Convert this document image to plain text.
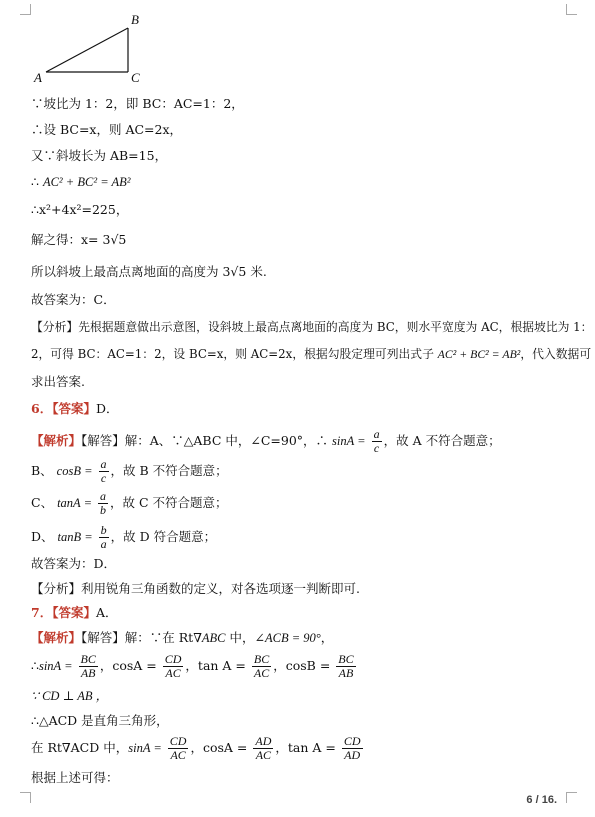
B
A	C
∵坡比为 1：2，即 BC：AC=1：2，
∴设 BC=x，则 AC=2x，
又∵斜坡长为 AB=15，
∴ AC² + BC² = AB²
∴x²+4x²=225，
解之得：x= 3√5
所以斜坡上最高点离地面的高度为 3√5 米.
故答案为：C．
【分析】先根据题意做出示意图，设斜坡上最高点离地面的高度为 BC，则水平宽度为 AC，根据坡比为 1：
2，可得 BC：AC=1：2，设 BC=x，则 AC=2x，根据勾股定理可列出式子 AC² + BC² = AB²，代入数据可
求出答案.
6．【答案】D．
【解析】【解答】解：A、∵△ABC 中，∠C=90°，∴ $\sin A = \frac{a}{c}$ ，故 A 不符合题意；
B、 $\cos B = \frac{a}{c}$ ，故 B 不符合题意；
C、 $\tan A = \frac{a}{b}$ ，故 C 不符合题意；
D、 $\tan B = \frac{b}{a}$ ，故 D 符合题意；
故答案为：D．
【分析】利用锐角三角函数的定义，对各选项逐一判断即可.
7．【答案】A．
【解析】【解答】解：∵在 Rt∇ABC 中，∠ACB = 90°，
∴sinA = $\frac{BC}{AB}$ ，$\cos A = \frac{CD}{AC}$ ，$\tan A = \frac{BC}{AC}$ ，$\cos B = \frac{BC}{AB}$
∵ CD ⊥ AB ，
∴△ACD 是直角三角形，
在 Rt∇ACD 中，$\sin A = \frac{CD}{AC}$ ，$\cos A = \frac{AD}{AC}$ ，$\tan A = \frac{CD}{AD}$
根据上述可得：
6 / 16.
